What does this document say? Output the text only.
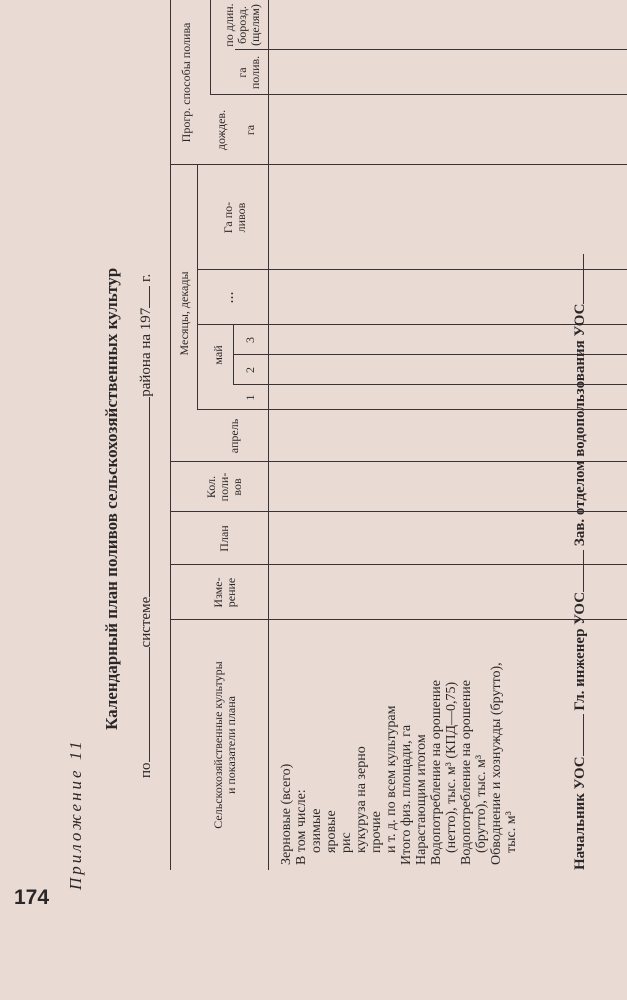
174
Приложение 11
Календарный план поливов сельскохозяйственных культур
посистемерайона на 197 г.
Сельскохозяйственные культуры и показатели плана
Изме- рение
План
Кол. поли- вов
Месяцы, декады
апрель
май
1
2
3
...
Га по- ливов
Прогр. способы полива дождев. га
га полив.
по длин. борозд. (щелям)
Зерновые (всего) В том числе: озимые яровые рис кукуруза на зерно прочие и т. д. по всем культурам Итого физ. площади, га Нарастающим итогом Водопотребление на орошение (нетто), тыс. м³ (КПД—0,75) Водопотребление на орошение (брутто), тыс. м³ Обводнение и хознужды (брутто), тыс. м³	Начальник УОС Гл. инженер УОС Зав. отделом водопользования УОС
